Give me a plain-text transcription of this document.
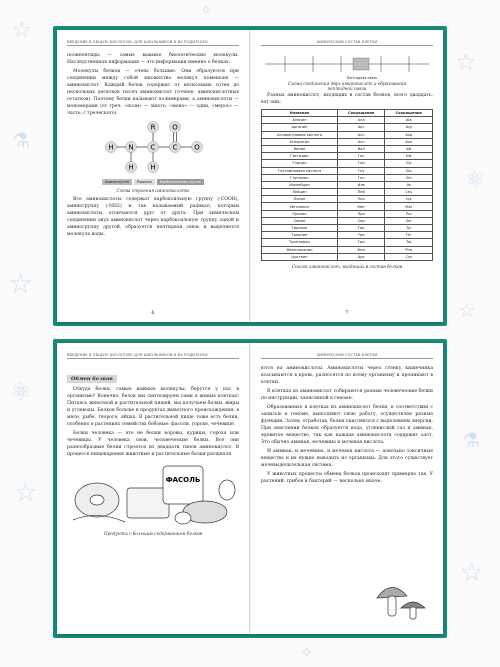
☆
☆
☆
☆
☆
☆
⚛
⚛
⚗
⚗
✧
✧
ВВЕДЕНИЕ В ОБЩУЮ БИОЛОГИЮ ДЛЯ ШКОЛЬНИКОВ И ИХ РОДИТЕЛЕЙ

полипептиды — самые важные биологические молекулы. Наследственная информация — это информация именно о белках.

Молекулы белков — очень большие. Они образуются при соединении между собой множества молекул поменьше — аминокислот. Каждый белок содержит от нескольких сотен до нескольких десятков тысяч аминокислот (точнее, аминокислотных остатков). Поэтому белки называют полимерами, а аминокислоты — мономерами (от греч. «поли» — много, «моно» — один, «мерос» — часть; с греческого).

R
H N C C O
H H
O
Аминогруппа	Радикал	Карбоксильная группа
Схема строения аминокислоты

Все аминокислоты содержат карбоксильную группу (-COOH), аминогруппу (-NH2) и так называемый радикал, которым аминокислоты отличаются друг от друга. При химическом соединении двух аминокислот через карбоксильную группу одной и аминогруппу другой, образуется пептидная связь и выделяется молекула воды.

6
ХИМИЧЕСКИЙ СОСТАВ КЛЕТКИ
Пептидная связь
Схема соединения двух аминокислот и образования пептидной связи

Разных аминокислот, входящих в состав белков, всего двадцать, вот они:

Название	Сокращение	Сокращение
Аланин	Ала	Ala
Аргинин	Арг	Arg
Аспарагиновая кислота	Асп	Asp
Аспарагин	Асн	Asn
Валин	Вал	Val
Гистидин	Гис	His
Глицин	Гли	Gly
Глутаминовая кислота	Глу	Glu
Глутамин	Глн	Gln
Изолейцин	Иле	Ile
Лейцин	Лей	Leu
Лизин	Лиз	Lys
Метионин	Мет	Met
Пролин	Про	Pro
Серин	Сер	Ser
Тирозин	Тир	Tyr
Треонин	Тре	Thr
Триптофан	Три	Trp
Фенилаланин	Фен	Phe
Цистеин	Цис	Cys
Список аминокислот, входящих в состав белков
7
ВВЕДЕНИЕ В ОБЩУЮ БИОЛОГИЮ ДЛЯ ШКОЛЬНИКОВ И ИХ РОДИТЕЛЕЙ
Обмен белков

Откуда белки, самые важные молекулы, берутся у нас в организме? Конечно, белок мы синтезируем сами в живых клетках! Питаясь животной и растительной пищей, мы получаем белки, жиры и углеводы. Белков больше в продуктах животного происхождения: в мясе, рыбе, твороге, яйцах. В растительной пище тоже есть белки, особенно в растениях семейства бобовые: фасоли, горохе, чечевице.

Белки человека — это не белки коровы, курицы, гороха или чечевицы. У человека свои, человеческие белки. Все они разнообразные белки строятся из двадцати типов аминокислот. В процессе пищеварения животные и растительные белки расщепля

ФАСОЛЬ
Продукты с большим содержанием белков
ХИМИЧЕСКИЙ СОСТАВ КЛЕТКИ

ются на аминокислоты. Аминокислоты через стенку кишечника всасываются в кровь, разносятся по всему организму и проникают в клетки.

В клетках из аминокислот собираются разные человеческие белки по инструкции, записанной в геноме.

Образованные в клетках из аминокислот белки, в соответствии с записью в геноме, выполняют свою работу, осуществляя разные функции. Затем, отработав, белки окисляются с выделением энергии. При окислении белков образуется вода, углекислый газ и аммиак, ядовитое вещество, так как каждая аминокислота содержит азот. Это обычно аммиак, мочевина и мочевая кислота.

И аммиак, и мочевина, и мочевая кислота — довольно токсичные вещества и их нужно выводить из организма. Для этого существует мочевыделительная система.

У животных процессы обмена белков происходят примерно так. У растений, грибов и бактерий — несколько иначе.
